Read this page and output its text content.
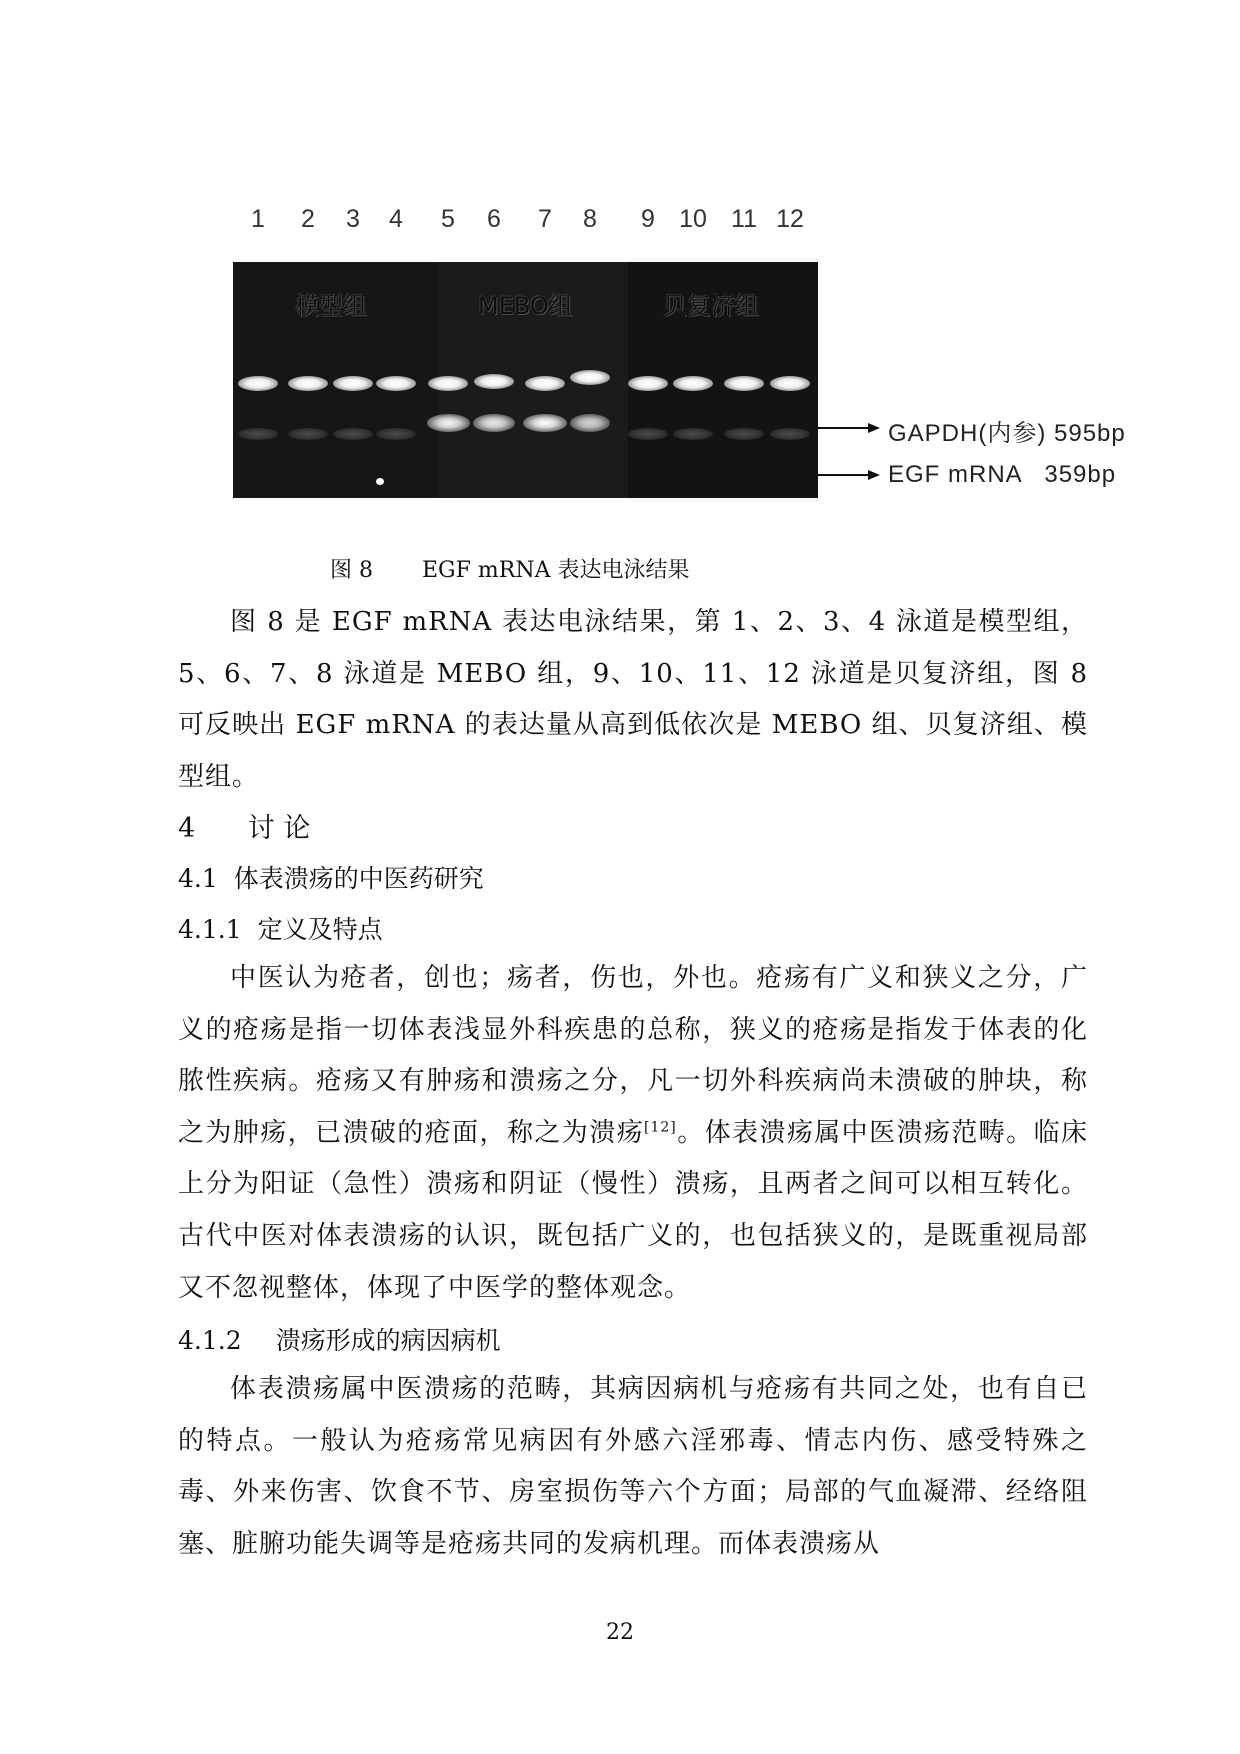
1 2 3 4 5 6 7 8 9 10 11 12
模型组	MEBO组	贝复济组
GAPDH(内参) 595bp
EGF mRNA   359bp
图 8 EGF mRNA 表达电泳结果

图 8 是 EGF mRNA 表达电泳结果，第 1、2、3、4 泳道是模型组，5、6、7、8 泳道是 MEBO 组，9、10、11、12 泳道是贝复济组，图 8 可反映出 EGF mRNA 的表达量从高到低依次是 MEBO 组、贝复济组、模型组。

4 讨 论
4.1 体表溃疡的中医药研究
4.1.1 定义及特点

中医认为疮者，创也；疡者，伤也，外也。疮疡有广义和狭义之分，广义的疮疡是指一切体表浅显外科疾患的总称，狭义的疮疡是指发于体表的化脓性疾病。疮疡又有肿疡和溃疡之分，凡一切外科疾病尚未溃破的肿块，称之为肿疡，已溃破的疮面，称之为溃疡[12]。体表溃疡属中医溃疡范畴。临床上分为阳证（急性）溃疡和阴证（慢性）溃疡，且两者之间可以相互转化。古代中医对体表溃疡的认识，既包括广义的，也包括狭义的，是既重视局部又不忽视整体，体现了中医学的整体观念。

4.1.2 溃疡形成的病因病机

体表溃疡属中医溃疡的范畴，其病因病机与疮疡有共同之处，也有自已的特点。一般认为疮疡常见病因有外感六淫邪毒、情志内伤、感受特殊之毒、外来伤害、饮食不节、房室损伤等六个方面；局部的气血凝滞、经络阻塞、脏腑功能失调等是疮疡共同的发病机理。而体表溃疡从

22
